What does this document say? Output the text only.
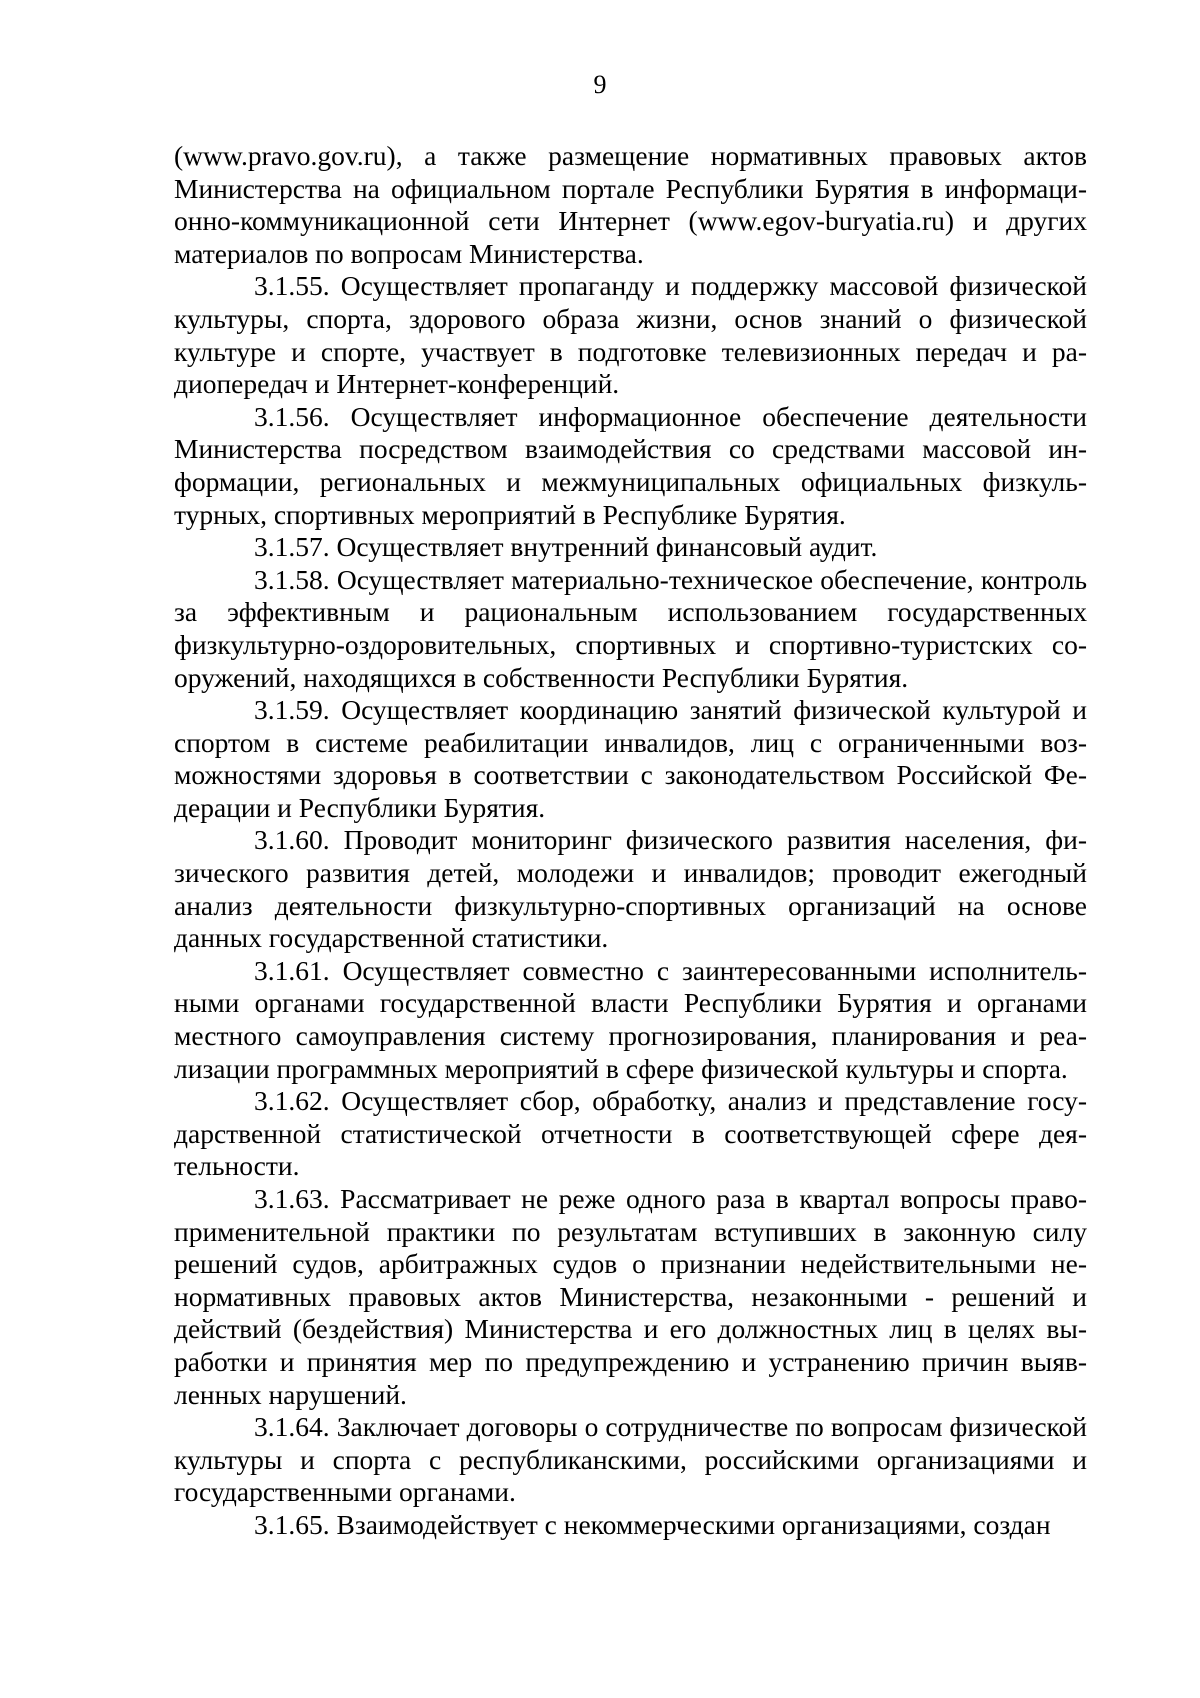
9

(www.pravo.gov.ru), а также размещение нормативных правовых актов Министерства на официальном портале Республики Бурятия в информационно-коммуникационной сети Интернет (www.egov-buryatia.ru) и других материалов по вопросам Министерства.

3.1.55. Осуществляет пропаганду и поддержку массовой физической культуры, спорта, здорового образа жизни, основ знаний о физической культуре и спорте, участвует в подготовке телевизионных передач и радиопередач и Интернет-конференций.

3.1.56. Осуществляет информационное обеспечение деятельности Министерства посредством взаимодействия со средствами массовой информации, региональных и межмуниципальных официальных физкультурных, спортивных мероприятий в Республике Бурятия.

3.1.57. Осуществляет внутренний финансовый аудит.

3.1.58. Осуществляет материально-техническое обеспечение, контроль за эффективным и рациональным использованием государственных физкультурно-оздоровительных, спортивных и спортивно-туристских сооружений, находящихся в собственности Республики Бурятия.

3.1.59. Осуществляет координацию занятий физической культурой и спортом в системе реабилитации инвалидов, лиц с ограниченными возможностями здоровья в соответствии с законодательством Российской Федерации и Республики Бурятия.

3.1.60. Проводит мониторинг физического развития населения, физического развития детей, молодежи и инвалидов; проводит ежегодный анализ деятельности физкультурно-спортивных организаций на основе данных государственной статистики.

3.1.61. Осуществляет совместно с заинтересованными исполнительными органами государственной власти Республики Бурятия и органами местного самоуправления систему прогнозирования, планирования и реализации программных мероприятий в сфере физической культуры и спорта.

3.1.62. Осуществляет сбор, обработку, анализ и представление государственной статистической отчетности в соответствующей сфере деятельности.

3.1.63. Рассматривает не реже одного раза в квартал вопросы правоприменительной практики по результатам вступивших в законную силу решений судов, арбитражных судов о признании недействительными ненормативных правовых актов Министерства, незаконными - решений и действий (бездействия) Министерства и его должностных лиц в целях выработки и принятия мер по предупреждению и устранению причин выявленных нарушений.

3.1.64. Заключает договоры о сотрудничестве по вопросам физической культуры и спорта с республиканскими, российскими организациями и государственными органами.

3.1.65. Взаимодействует с некоммерческими организациями, создан
